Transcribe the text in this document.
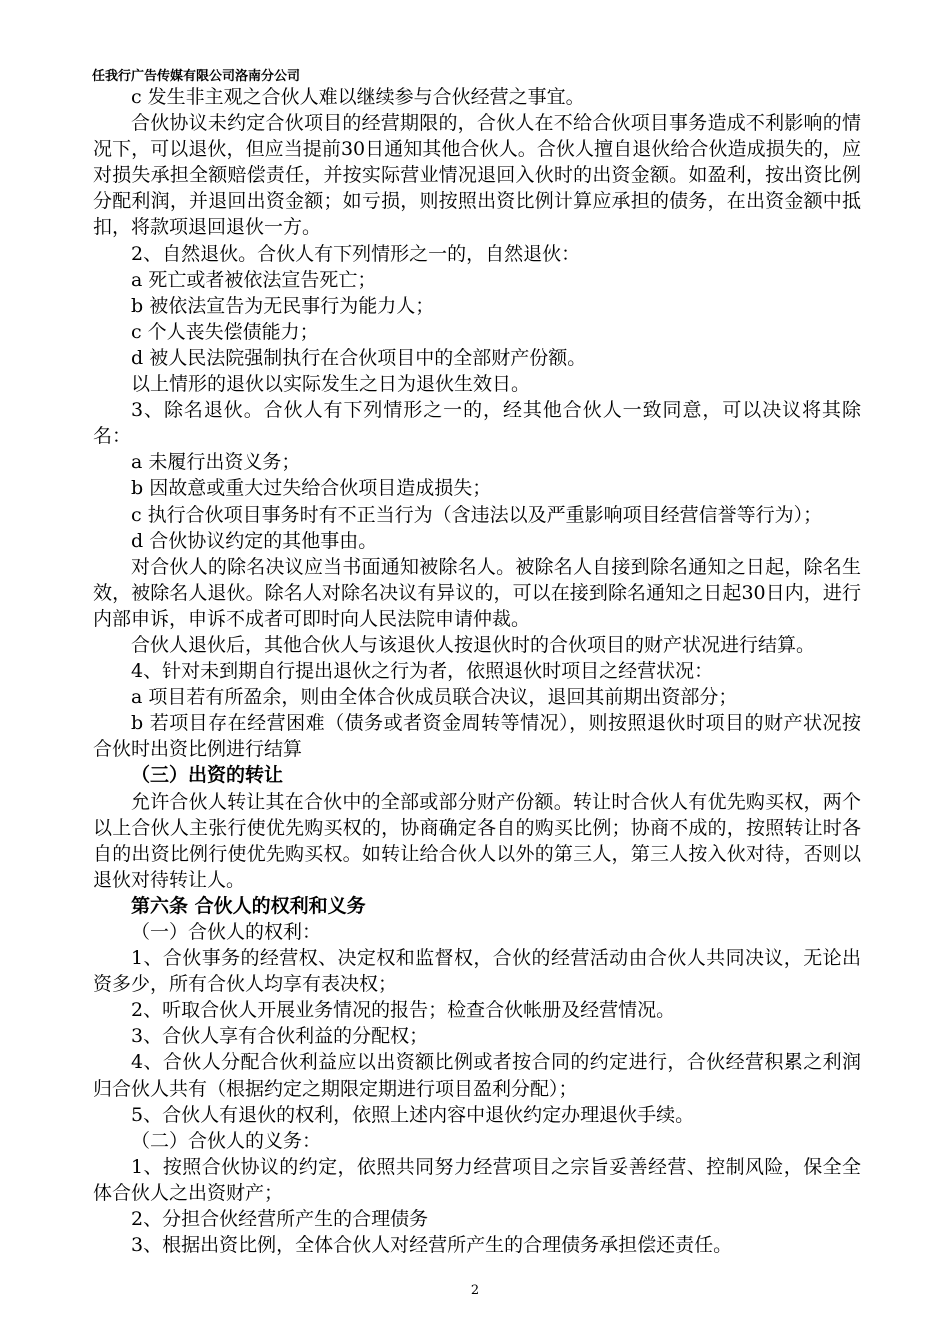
任我行广告传媒有限公司洛南分公司

c 发生非主观之合伙人难以继续参与合伙经营之事宜。

合伙协议未约定合伙项目的经营期限的，合伙人在不给合伙项目事务造成不利影响的情况下，可以退伙，但应当提前30日通知其他合伙人。合伙人擅自退伙给合伙造成损失的，应对损失承担全额赔偿责任，并按实际营业情况退回入伙时的出资金额。如盈利，按出资比例分配利润，并退回出资金额；如亏损，则按照出资比例计算应承担的债务，在出资金额中抵扣，将款项退回退伙一方。

2、自然退伙。合伙人有下列情形之一的，自然退伙：

a 死亡或者被依法宣告死亡；

b 被依法宣告为无民事行为能力人；

c 个人丧失偿债能力；

d 被人民法院强制执行在合伙项目中的全部财产份额。

以上情形的退伙以实际发生之日为退伙生效日。

3、除名退伙。合伙人有下列情形之一的，经其他合伙人一致同意，可以决议将其除名：

a 未履行出资义务；

b 因故意或重大过失给合伙项目造成损失；

c 执行合伙项目事务时有不正当行为（含违法以及严重影响项目经营信誉等行为）；

d 合伙协议约定的其他事由。

对合伙人的除名决议应当书面通知被除名人。被除名人自接到除名通知之日起，除名生效，被除名人退伙。除名人对除名决议有异议的，可以在接到除名通知之日起30日内，进行内部申诉，申诉不成者可即时向人民法院申请仲裁。

合伙人退伙后，其他合伙人与该退伙人按退伙时的合伙项目的财产状况进行结算。

4、针对未到期自行提出退伙之行为者，依照退伙时项目之经营状况：

a 项目若有所盈余，则由全体合伙成员联合决议，退回其前期出资部分；

b 若项目存在经营困难（债务或者资金周转等情况），则按照退伙时项目的财产状况按合伙时出资比例进行结算

（三）出资的转让

允许合伙人转让其在合伙中的全部或部分财产份额。转让时合伙人有优先购买权，两个以上合伙人主张行使优先购买权的，协商确定各自的购买比例；协商不成的，按照转让时各自的出资比例行使优先购买权。如转让给合伙人以外的第三人，第三人按入伙对待，否则以退伙对待转让人。

第六条 合伙人的权利和义务

（一）合伙人的权利：

1、合伙事务的经营权、决定权和监督权，合伙的经营活动由合伙人共同决议，无论出资多少，所有合伙人均享有表决权；

2、听取合伙人开展业务情况的报告；检查合伙帐册及经营情况。

3、合伙人享有合伙利益的分配权；

4、合伙人分配合伙利益应以出资额比例或者按合同的约定进行，合伙经营积累之利润归合伙人共有（根据约定之期限定期进行项目盈利分配）；

5、合伙人有退伙的权利，依照上述内容中退伙约定办理退伙手续。

（二）合伙人的义务：

1、按照合伙协议的约定，依照共同努力经营项目之宗旨妥善经营、控制风险，保全全体合伙人之出资财产；

2、分担合伙经营所产生的合理债务

3、根据出资比例，全体合伙人对经营所产生的合理债务承担偿还责任。

2
